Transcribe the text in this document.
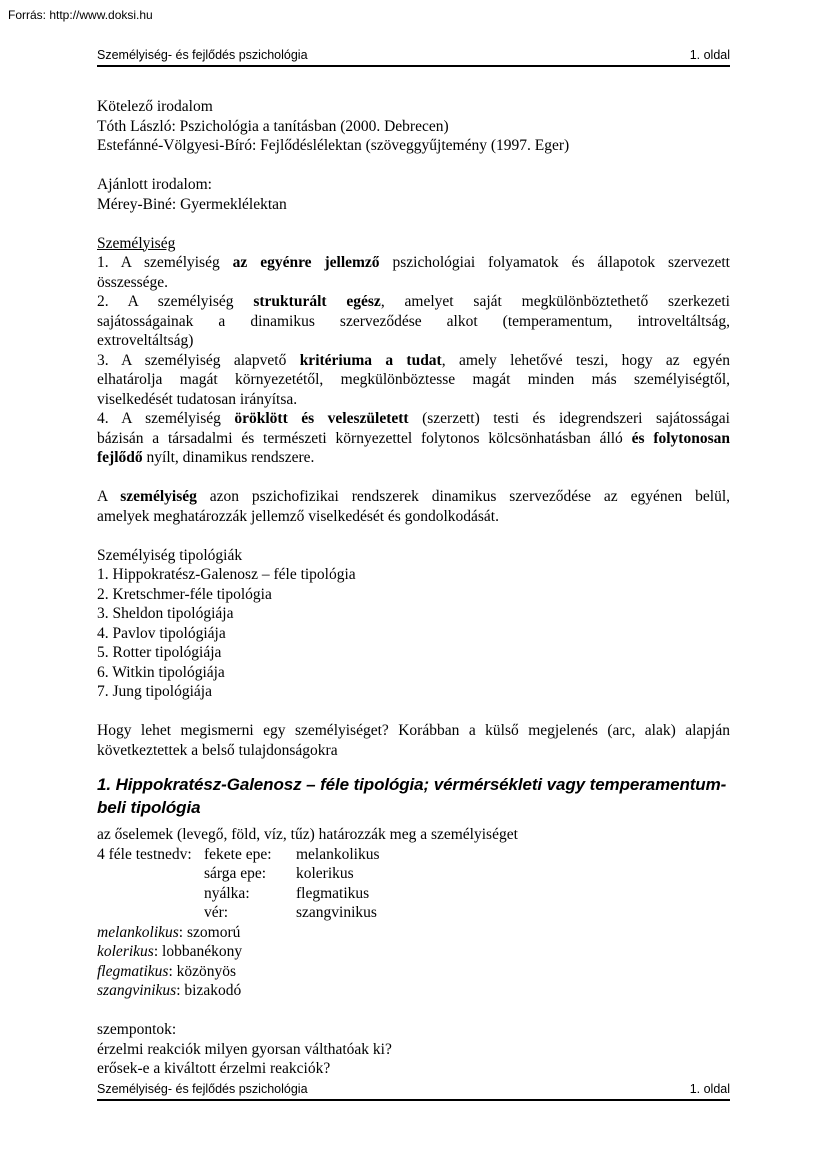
Forrás: http://www.doksi.hu
Személyiség- és fejlődés pszichológia	1. oldal
Kötelező irodalom
Tóth László: Pszichológia a tanításban (2000. Debrecen)
Estefánné-Völgyesi-Bíró: Fejlődéslélektan (szöveggyűjtemény (1997. Eger)
Ajánlott irodalom:
Mérey-Biné: Gyermeklélektan
Személyiség
1. A személyiség az egyénre jellemző pszichológiai folyamatok és állapotok szervezett
összessége.
2. A személyiség strukturált egész, amelyet saját megkülönböztethető szerkezeti
sajátosságainak a dinamikus szerveződése alkot (temperamentum, introveltáltság,
extroveltáltság)
3. A személyiség alapvető kritériuma a tudat, amely lehetővé teszi, hogy az egyén
elhatárolja magát környezetétől, megkülönböztesse magát minden más személyiségtől,
viselkedését tudatosan irányítsa.
4. A személyiség öröklött és veleszületett (szerzett) testi és idegrendszeri sajátosságai
bázisán a társadalmi és természeti környezettel folytonos kölcsönhatásban álló és folytonosan
fejlődő nyílt, dinamikus rendszere.
A személyiség azon pszichofizikai rendszerek dinamikus szerveződése az egyénen belül,
amelyek meghatározzák jellemző viselkedését és gondolkodását.
Személyiség tipológiák
1. Hippokratész-Galenosz – féle tipológia
2. Kretschmer-féle tipológia
3. Sheldon tipológiája
4. Pavlov tipológiája
5. Rotter tipológiája
6. Witkin tipológiája
7. Jung tipológiája
Hogy lehet megismerni egy személyiséget? Korábban a külső megjelenés (arc, alak) alapján
következtettek a belső tulajdonságokra
1. Hippokratész-Galenosz – féle tipológia; vérmérsékleti vagy temperamentum-
beli tipológia
az őselemek (levegő, föld, víz, tűz) határozzák meg a személyiséget
4 féle testnedv: fekete epe:	melankolikus
sárga epe:	kolerikus
nyálka:	flegmatikus
vér:	szangvinikus
melankolikus: szomorú
kolerikus: lobbanékony
flegmatikus: közönyös
szangvinikus: bizakodó
szempontok:
érzelmi reakciók milyen gyorsan válthatóak ki?
erősek-e a kiváltott érzelmi reakciók?
Személyiség- és fejlődés pszichológia	1. oldal
